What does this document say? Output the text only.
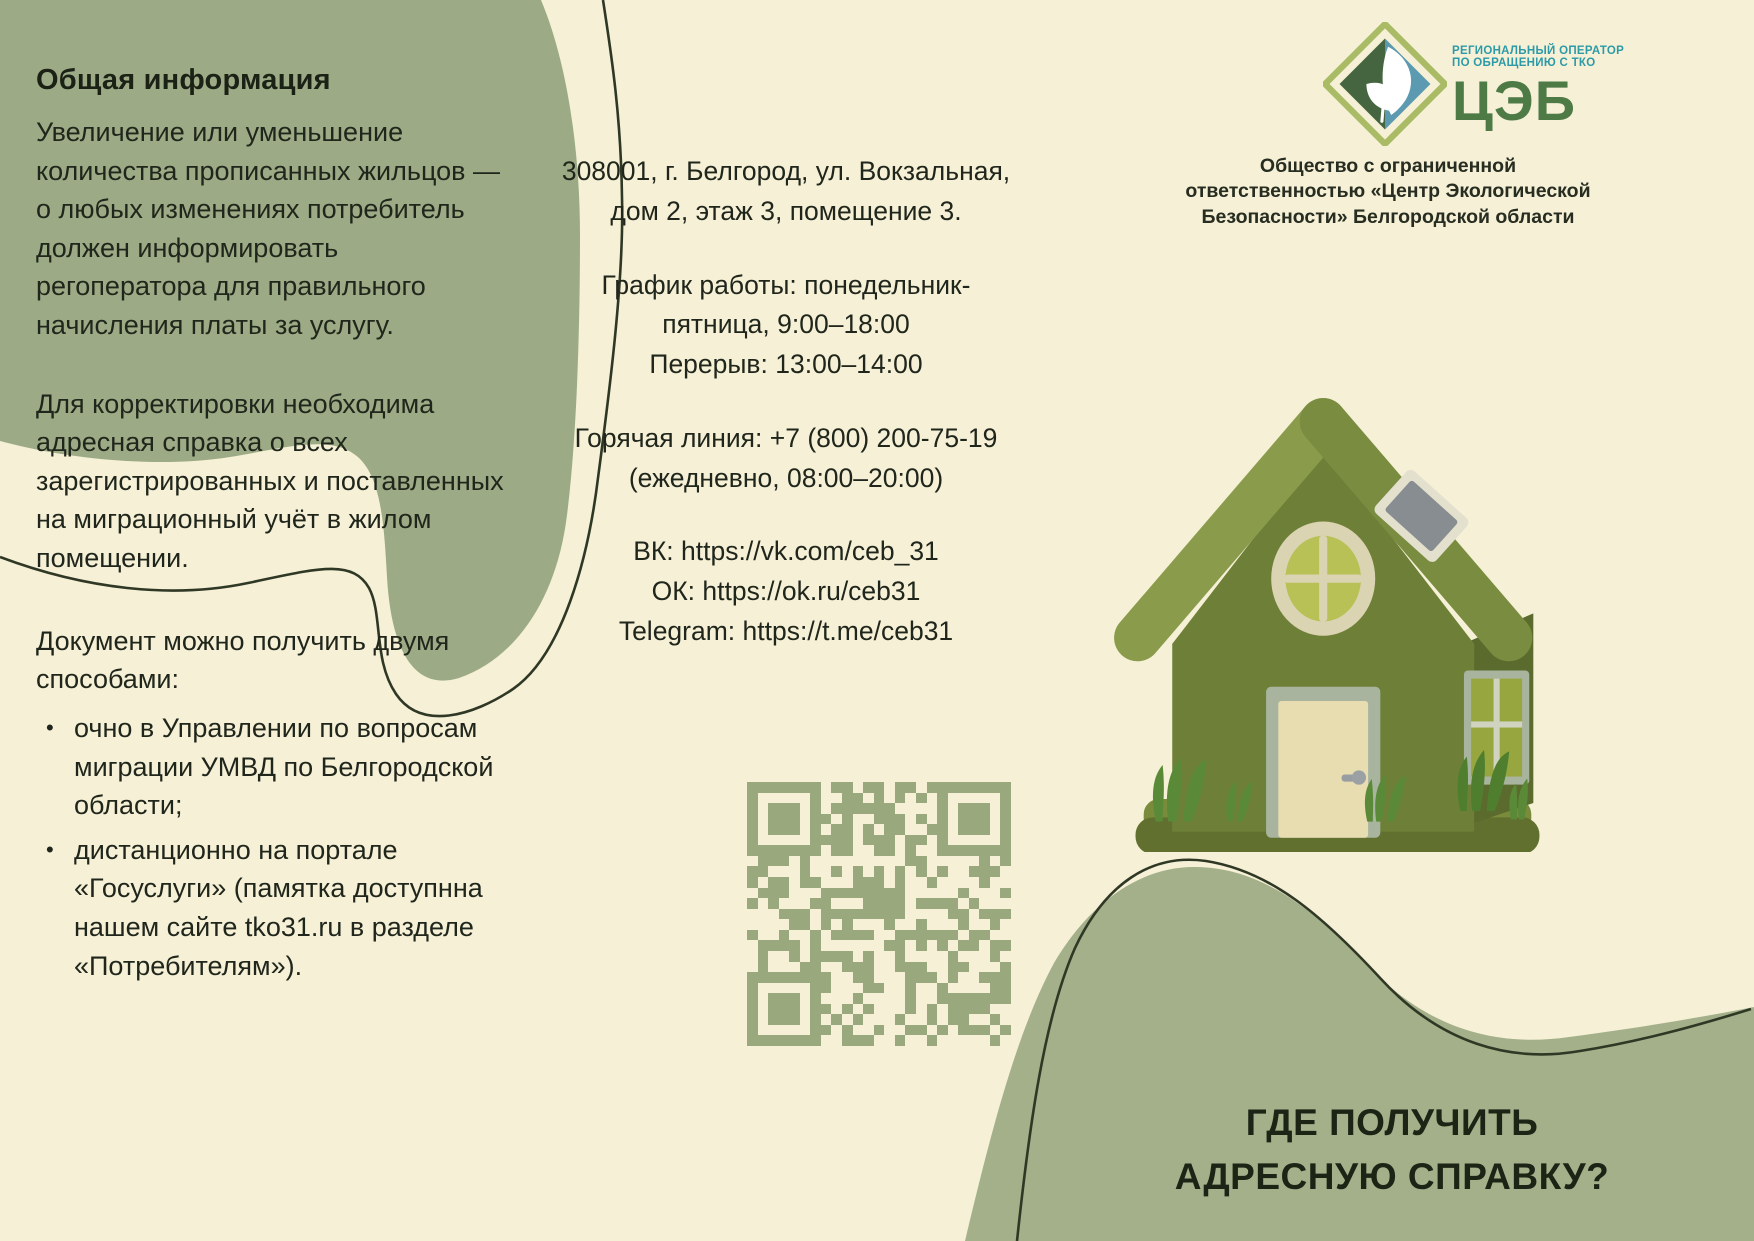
Общая информация

Увеличение или уменьшение количества прописанных жильцов — о любых изменениях потребитель должен информировать регоператора для правильного начисления платы за услугу.

Для корректировки необходима адресная справка о всех зарегистрированных и поставленных на миграционный учёт в жилом помещении.

Документ можно получить двумя способами:

• очно в Управлении по вопросам миграции УМВД по Белгородской области;
• дистанционно на портале «Госуслуги» (памятка доступнна нашем сайте tko31.ru в разделе «Потребителям»).

308001, г. Белгород, ул. Вокзальная,

дом 2, этаж 3, помещение 3.

График работы: понедельник-

пятница, 9:00–18:00

Перерыв: 13:00–14:00

Горячая линия: +7 (800) 200-75-19

(ежедневно, 08:00–20:00)

ВК: https://vk.com/ceb_31

ОК: https://ok.ru/ceb31

Telegram: https://t.me/ceb31

РЕГИОНАЛЬНЫЙ ОПЕРАТОР
ПО ОБРАЩЕНИЮ С ТКО
ЦЭБ
Общество с ограниченной
ответственностью «Центр Экологической
Безопасности» Белгородской области
ГДЕ ПОЛУЧИТЬ
АДРЕСНУЮ СПРАВКУ?
